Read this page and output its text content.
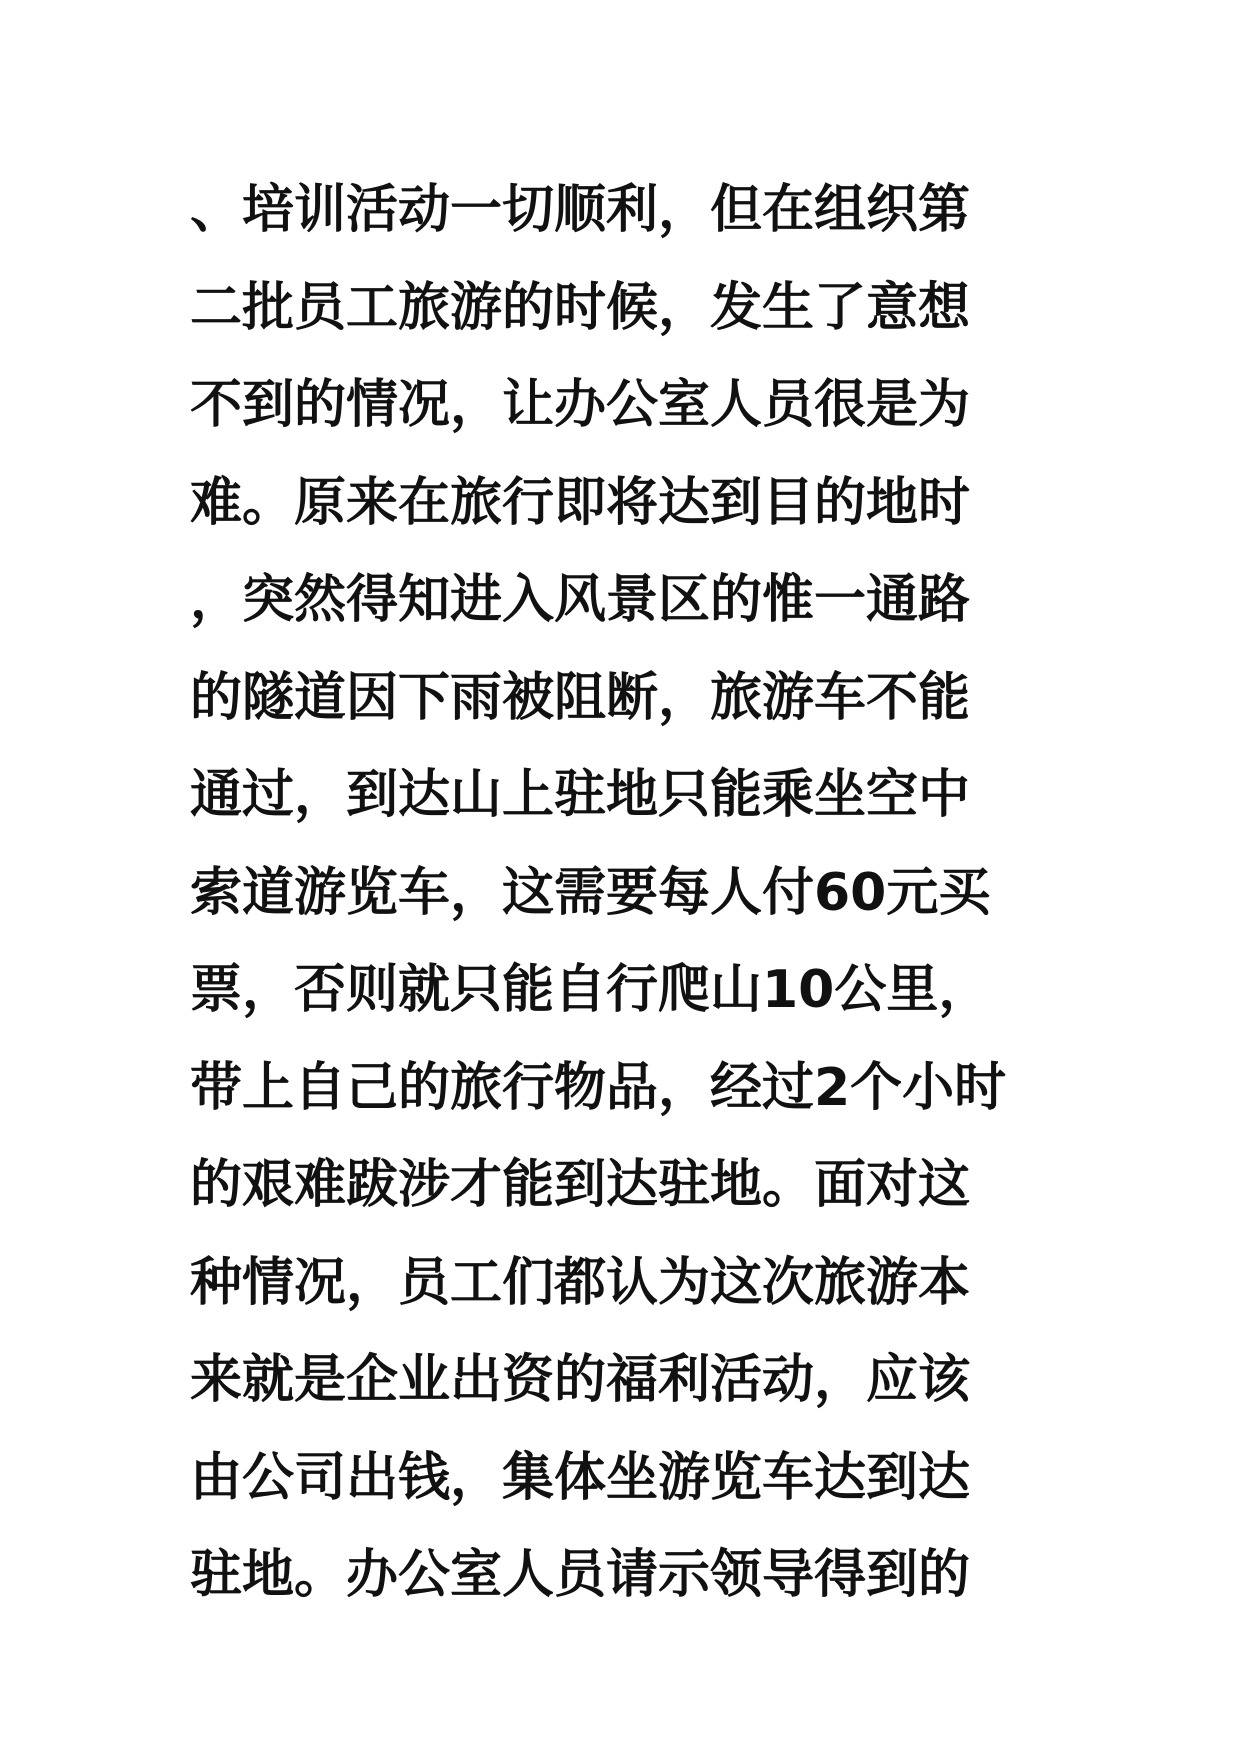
、培训活动一切顺利，但在组织第
二批员工旅游的时候，发生了意想
不到的情况，让办公室人员很是为
难。原来在旅行即将达到目的地时
，突然得知进入风景区的惟一通路
的隧道因下雨被阻断，旅游车不能
通过，到达山上驻地只能乘坐空中
索道游览车，这需要每人付60元买
票，否则就只能自行爬山10公里，
带上自己的旅行物品，经过2个小时
的艰难跋涉才能到达驻地。面对这
种情况，员工们都认为这次旅游本
来就是企业出资的福利活动，应该
由公司出钱，集体坐游览车达到达
驻地。办公室人员请示领导得到的
